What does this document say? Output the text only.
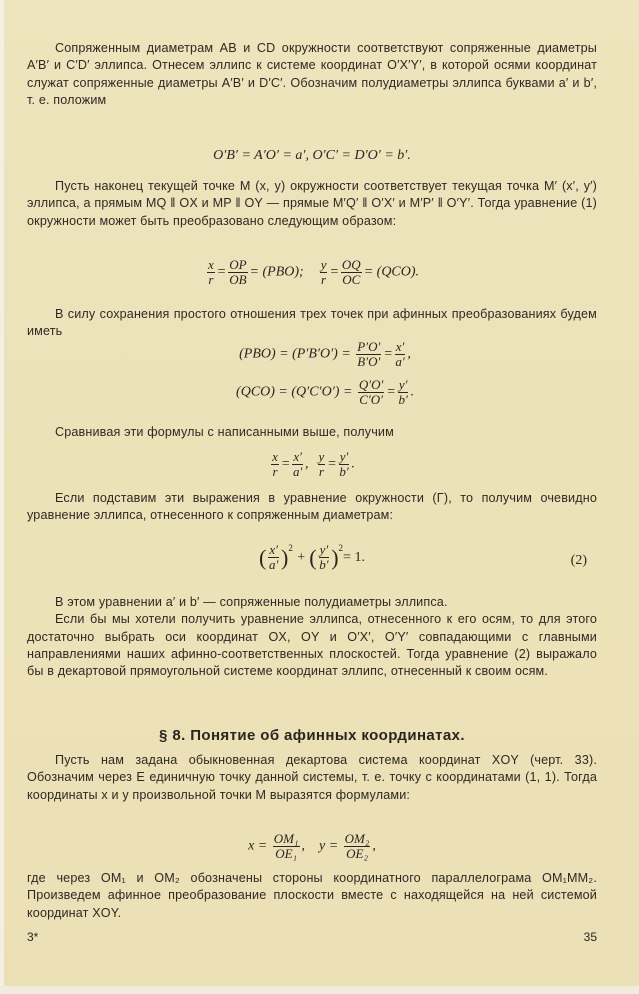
Сопряженным диаметрам AB и CD окружности соответствуют сопряженные диаметры A′B′ и C′D′ эллипса. Отнесем эллипс к системе координат O′X′Y′, в которой осями координат служат сопряженные диаметры A′B′ и D′C′. Обозначим полудиаметры эллипса буквами a′ и b′, т. е. положим

O′B′ = A′O′ = a′, O′C′ = D′O′ = b′.

Пусть наконец текущей точке M (x, y) окружности соответствует текущая точка M′ (x′, y′) эллипса, а прямым MQ ‖ OX и MP ‖ OY — прямые M′Q′ ‖ O′X′ и M′P′ ‖ O′Y′. Тогда уравнение (1) окружности может быть преобразовано следующим образом:

$\frac{x}{r} = \frac{OP}{OB} = (PBO)$; $\frac{y}{r} = \frac{OQ}{OC} = (QCO)$.

В силу сохранения простого отношения трех точек при афинных преобразованиях будем иметь

$(PBO) = (P'B'O') = \frac{P'O'}{B'O'} = \frac{x'}{a'}$ ,
$(QCO) = (Q'C'O') = \frac{Q'O'}{C'O'} = \frac{y'}{b'}$ .

Сравнивая эти формулы с написанными выше, получим

$\frac{x}{r} = \frac{x'}{a'}$ , $\frac{y}{r} = \frac{y'}{b'}$ .

Если подставим эти выражения в уравнение окружности (Γ), то получим очевидно уравнение эллипса, отнесенного к сопряженным диаметрам:

( $\frac{x'}{a'} )^2$ + ( $\frac{y'}{b'} )^2= 1$.	(2)

В этом уравнении a′ и b′ — сопряженные полудиаметры эллипса.

Если бы мы хотели получить уравнение эллипса, отнесенного к его осям, то для этого достаточно выбрать оси координат OX, OY и O′X′, O′Y′ совпадающими с главными направлениями наших афинно-соответственных плоскостей. Тогда уравнение (2) выражало бы в декартовой прямоугольной системе координат эллипс, отнесенный к своим осям.

§ 8. Понятие об афинных координатах.

Пусть нам задана обыкновенная декартова система координат XOY (черт. 33). Обозначим через E единичную точку данной системы, т. е. точку с координатами (1, 1). Тогда координаты x и y произвольной точки M выразятся формулами:

$x = \frac{\text{OM₁}}{\text{OE₁}}$ ,    $y = \frac{\text{OM₂}}{\text{OE₂}}$ ,

где через OM₁ и OM₂ обозначены стороны координатного параллелограма OM₁MM₂. Произведем афинное преобразование плоскости вместе с находящейся на ней системой координат XOY.

3*	35
